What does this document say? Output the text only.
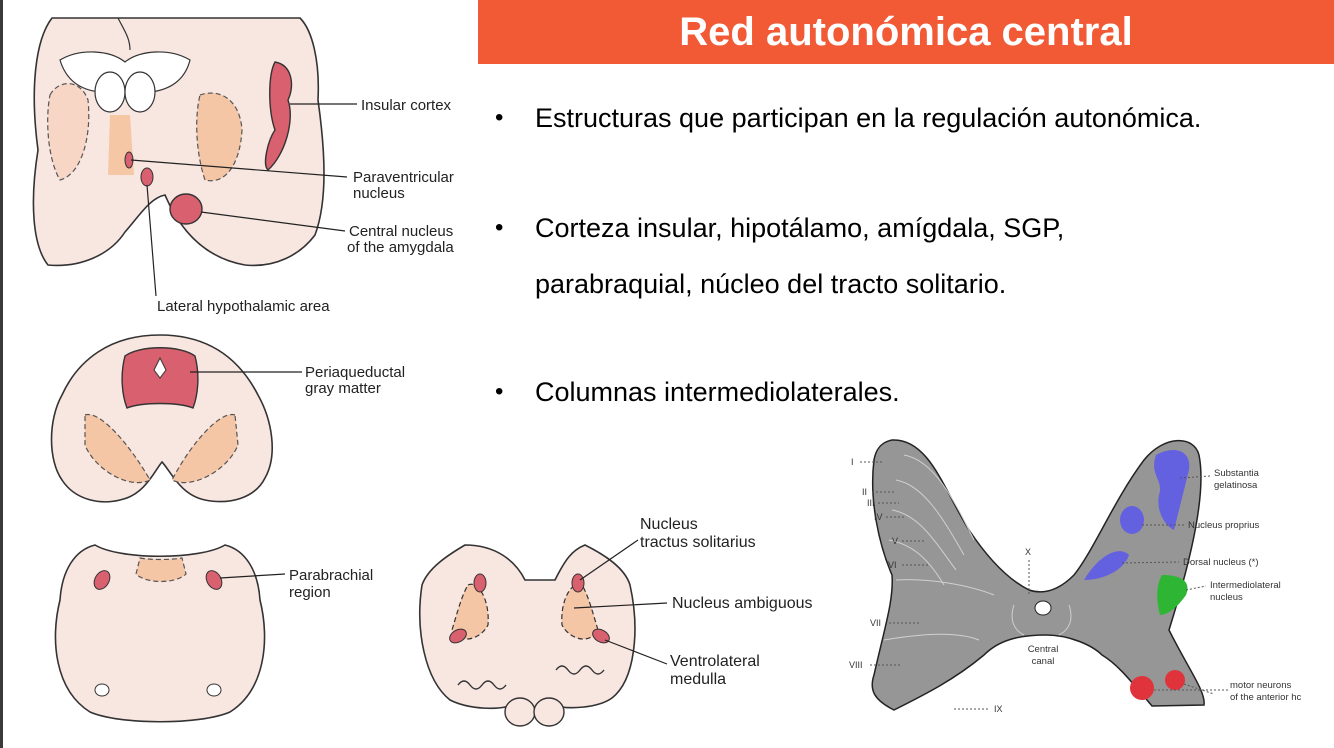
Red autonómica central
• Estructuras que participan en la regulación autonómica.
• Corteza insular, hipotálamo, amígdala, SGP,
parabraquial, núcleo del tracto solitario.
• Columnas intermediolaterales.
Insular cortex
Paraventricular
nucleus
Central nucleus
of the amygdala
Lateral hypothalamic area
Periaqueductal
gray matter
Parabrachial
region
Nucleus
tractus solitarius
Nucleus ambiguous
Ventrolateral
medulla
I
II
III
IV
V
VI
VII
VIII
IX
X
Substantia
gelatinosa
Nucleus proprius
Dorsal nucleus (*)
Intermediolateral
nucleus
Central
canal
motor neurons
of the anterior hc
